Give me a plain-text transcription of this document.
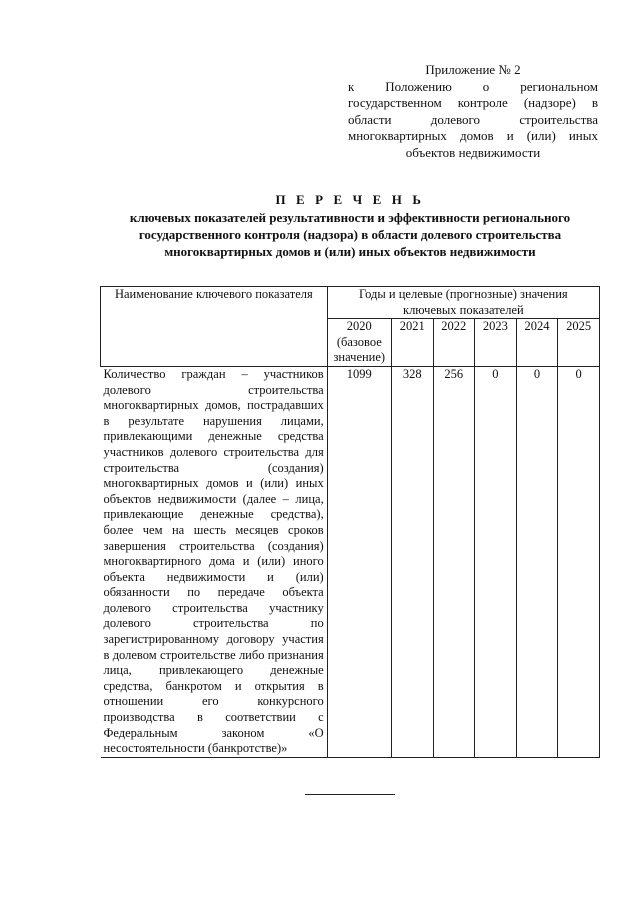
Приложение № 2
к Положению о региональном государственном контроле (надзоре) в области долевого строительства многоквартирных домов и (или) иных объектов недвижимости
П Е Р Е Ч Е Н Ь
ключевых показателей результативности и эффективности регионального государственного контроля (надзора) в области долевого строительства многоквартирных домов и (или) иных объектов недвижимости
Наименование ключевого показателя	Годы и целевые (прогнозные) значения ключевых показателей					
	2020 (базовое значение)	2021	2022	2023	2024	2025
Количество граждан – участников долевого строительства многоквартирных домов, пострадавших в результате нарушения лицами, привлекающими денежные средства участников долевого строительства для строительства (создания) многоквартирных домов и (или) иных объектов недвижимости (далее – лица, привлекающие денежные средства), более чем на шесть месяцев сроков завершения строительства (создания) многоквартирного дома и (или) иного объекта недвижимости и (или) обязанности по передаче объекта долевого строительства участнику долевого строительства по зарегистрированному договору участия в долевом строительстве либо признания лица, привлекающего денежные средства, банкротом и открытия в отношении его конкурсного производства в соответствии с Федеральным законом «О несостоятельности (банкротстве)»	1099	328	256	0	0	0
